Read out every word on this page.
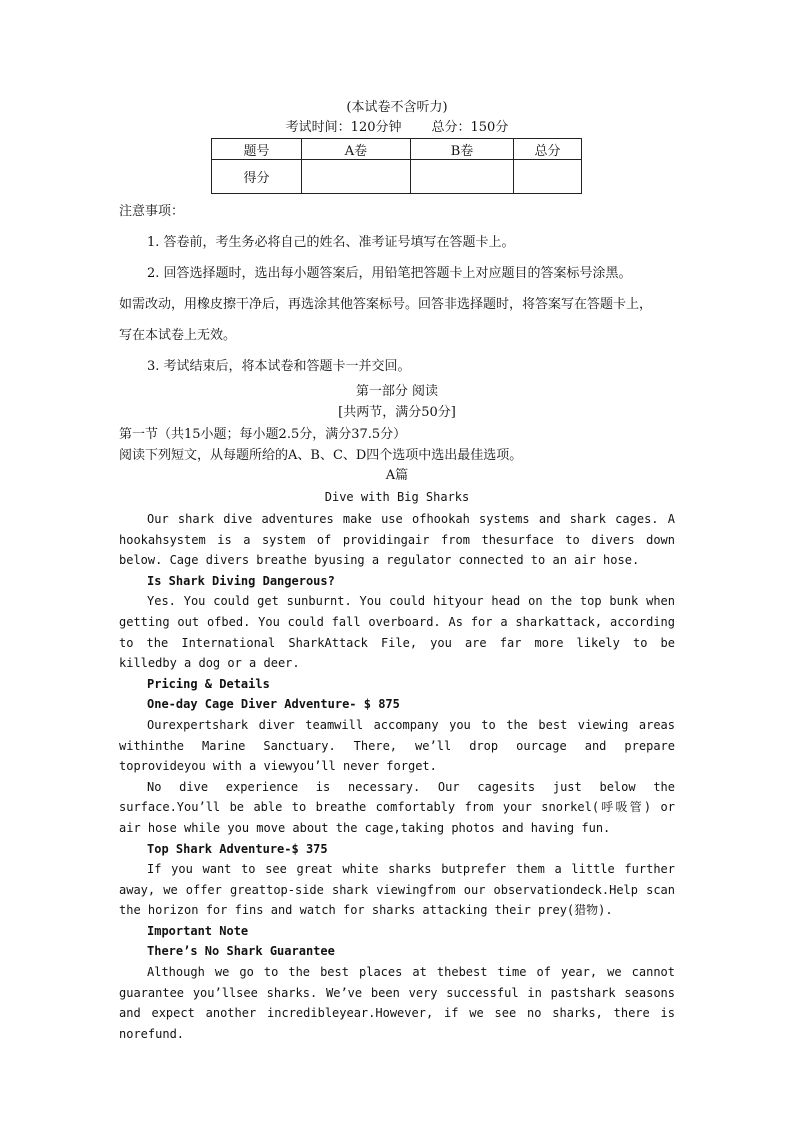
(本试卷不含听力)
考试时间：120分钟 总分：150分
题号	A卷	B卷	总分
得分			
注意事项：
1. 答卷前，考生务必将自己的姓名、准考证号填写在答题卡上。
2. 回答选择题时，选出每小题答案后，用铅笔把答题卡上对应题目的答案标号涂黑。
如需改动，用橡皮擦干净后，再选涂其他答案标号。回答非选择题时，将答案写在答题卡上，
写在本试卷上无效。
3. 考试结束后，将本试卷和答题卡一并交回。
第一部分 阅读
[共两节，满分50分]
第一节（共15小题；每小题2.5分，满分37.5分）
阅读下列短文，从每题所给的A、B、C、D四个选项中选出最佳选项。
A篇
Dive with Big Sharks

Our shark dive adventures make use ofhookah systems and shark cages. A hookahsystem is a system of providingair from thesurface to divers down below. Cage divers breathe byusing a regulator connected to an air hose.

Is Shark Diving Dangerous?

Yes. You could get sunburnt. You could hityour head on the top bunk when getting out ofbed. You could fall overboard. As for a sharkattack, according to the International SharkAttack File, you are far more likely to be killedby a dog or a deer.

Pricing & Details

One-day Cage Diver Adventure- $ 875

Ourexpertshark diver teamwill accompany you to the best viewing areas withinthe Marine Sanctuary. There, we’ll drop ourcage and prepare toprovideyou with a viewyou’ll never forget.

No dive experience is necessary. Our cagesits just below the surface.You’ll be able to breathe comfortably from your snorkel(呼吸管) or air hose while you move about the cage,taking photos and having fun.

Top Shark Adventure-$ 375

If you want to see great white sharks butprefer them a little further away, we offer greattop-side shark viewingfrom our observationdeck.Help scan the horizon for fins and watch for sharks attacking their prey(猎物).

Important Note

There’s No Shark Guarantee

Although we go to the best places at thebest time of year, we cannot guarantee you’llsee sharks. We’ve been very successful in pastshark seasons and expect another incredibleyear.However, if we see no sharks, there is norefund.
